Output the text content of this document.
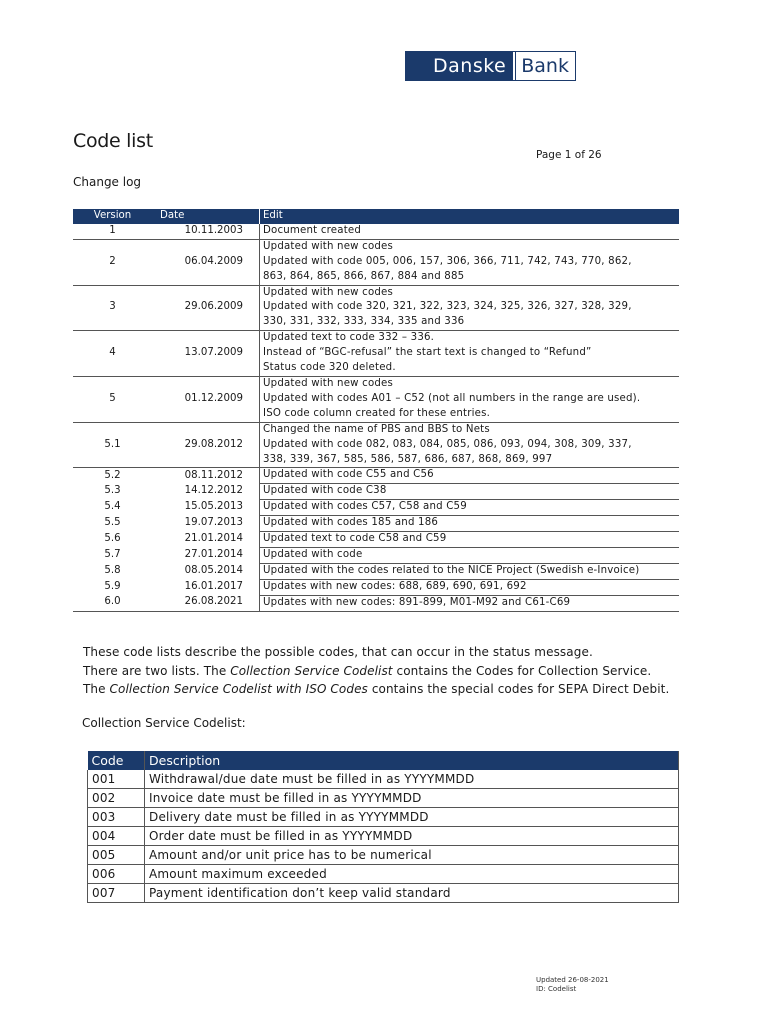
Danske Bank
Code list
Page 1 of 26
Change log
Version	Date	Edit
1	10.11.2003	Document created

2	06.04.2009	Updated with new codes
Updated with code 005, 006, 157, 306, 366, 711, 742, 743, 770, 862,
863, 864, 865, 866, 867, 884 and 885

3	29.06.2009	Updated with new codes
Updated with code 320, 321, 322, 323, 324, 325, 326, 327, 328, 329,
330, 331, 332, 333, 334, 335 and 336

4	13.07.2009	Updated text to code 332 – 336.
Instead of “BGC-refusal” the start text is changed to “Refund”
Status code 320 deleted.

5	01.12.2009	Updated with new codes
Updated with codes A01 – C52 (not all numbers in the range are used).
ISO code column created for these entries.

5.1	29.08.2012	Changed the name of PBS and BBS to Nets
Updated with code 082, 083, 084, 085, 086, 093, 094, 308, 309, 337,
338, 339, 367, 585, 586, 587, 686, 687, 868, 869, 997

5.2	08.11.2012	Updated with code C55 and C56

5.3	14.12.2012	Updated with code C38

5.4	15.05.2013	Updated with codes C57, C58 and C59

5.5	19.07.2013	Updated with codes 185 and 186

5.6	21.01.2014	Updated text to code C58 and C59

5.7	27.01.2014	Updated with code

5.8	08.05.2014	Updated with the codes related to the NICE Project (Swedish e-Invoice)

5.9	16.01.2017	Updates with new codes: 688, 689, 690, 691, 692

6.0	26.08.2021	Updates with new codes: 891-899, M01-M92 and C61-C69

These code lists describe the possible codes, that can occur in the status message.

There are two lists. The Collection Service Codelist contains the Codes for Collection Service.

The Collection Service Codelist with ISO Codes contains the special codes for SEPA Direct Debit.

Collection Service Codelist:
Code	Description
001	Withdrawal/due date must be filled in as YYYYMMDD
002	Invoice date must be filled in as YYYYMMDD
003	Delivery date must be filled in as YYYYMMDD
004	Order date must be filled in as YYYYMMDD
005	Amount and/or unit price has to be numerical
006	Amount maximum exceeded
007	Payment identification don’t keep valid standard
Updated 26-08-2021
ID: Codelist
